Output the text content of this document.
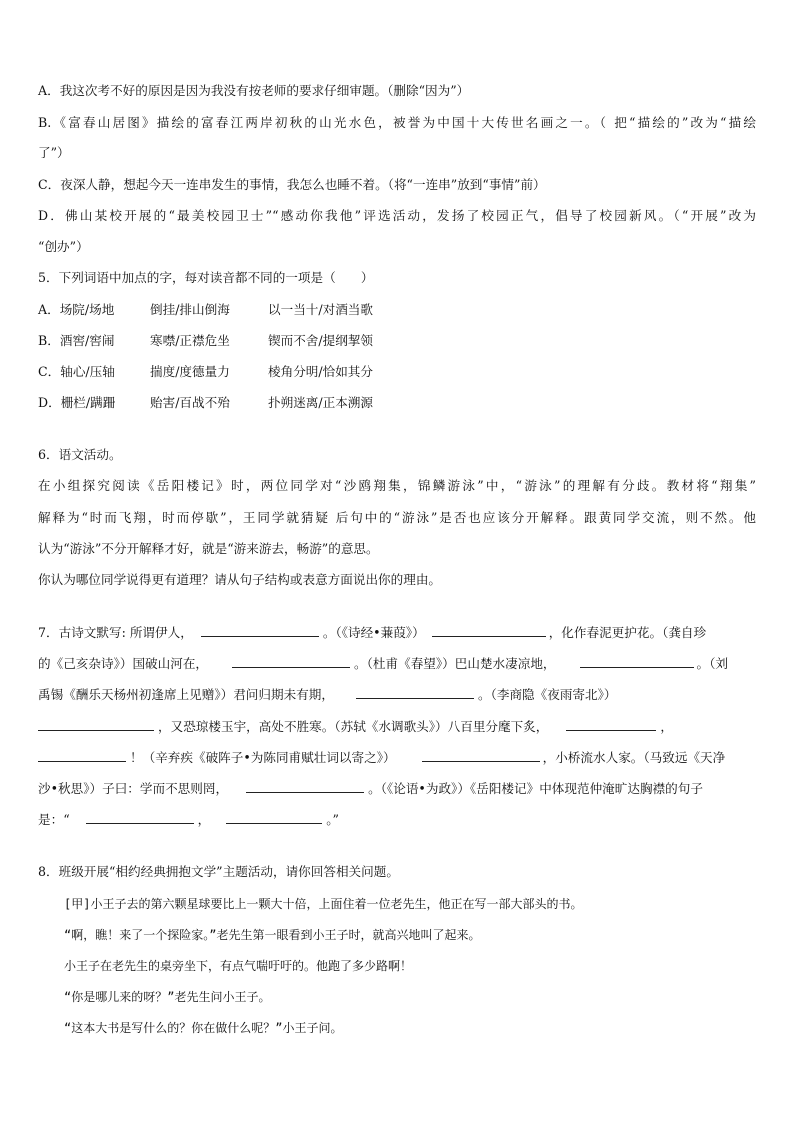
A．我这次考不好的原因是因为我没有按老师的要求仔细审题。（删除“因为”）
B.《富春山居图》描绘的富春江两岸初秋的山光水色，被誉为中国十大传世名画之一。（ 把“描绘的”改为“描绘
了”）
C．夜深人静，想起今天一连串发生的事情，我怎么也睡不着。（将“一连串”放到“事情”前）
D．佛山某校开展的“最美校园卫士”“感动你我他”评选活动，发扬了校园正气，倡导了校园新风。（“开展”改为
“创办”）
5．下列词语中加点的字，每对读音都不同的一项是（　　）
A．场院/场地	倒挂/排山倒海	以一当十/对酒当歌
B．酒窖/窖闹	寒噤/正襟危坐	锲而不舍/提纲挈领
C．轴心/压轴	揣度/度德量力	棱角分明/恰如其分
D．栅栏/蹒跚	贻害/百战不殆	扑朔迷离/正本溯源
6．语文活动。
在小组探究阅读《岳阳楼记》时，两位同学对“沙鸥翔集，锦鳞游泳”中，“游泳”的理解有分歧。教材将“翔集”
解释为“时而飞翔，时而停歇”，王同学就猜疑 后句中的“游泳”是否也应该分开解释。跟黄同学交流，则不然。他
认为“游泳”不分开解释才好，就是“游来游去，畅游”的意思。
你认为哪位同学说得更有道理？请从句子结构或表意方面说出你的理由。
7．古诗文默写: 所谓伊人，	。（《诗经•蒹葭》）	，化作春泥更护花。（龚自珍
的《己亥杂诗》）国破山河在，	。（杜甫《春望》）巴山楚水凄凉地，	。（刘
禹锡《酬乐天杨州初逢席上见赠》）君问归期未有期，	。（李商隐《夜雨寄北》）
，又恐琼楼玉宇，高处不胜寒。（苏轼《水调歌头》）八百里分麾下炙，	，
！（辛弃疾《破阵子•为陈同甫赋壮词以寄之》）	，小桥流水人家。（马致远《天净
沙•秋思》）子曰：学而不思则罔，	。（《论语•为政》）《岳阳楼记》中体现范仲淹旷达胸襟的句子
是：“	，	。”
8．班级开展“相约经典拥抱文学”主题活动，请你回答相关问题。
[甲]小王子去的第六颗星球要比上一颗大十倍，上面住着一位老先生，他正在写一部大部头的书。
“啊，瞧！来了一个探险家。”老先生第一眼看到小王子时，就高兴地叫了起来。
小王子在老先生的桌旁坐下，有点气喘吁吁的。他跑了多少路啊！
“你是哪儿来的呀？”老先生问小王子。
“这本大书是写什么的？你在做什么呢？”小王子问。
